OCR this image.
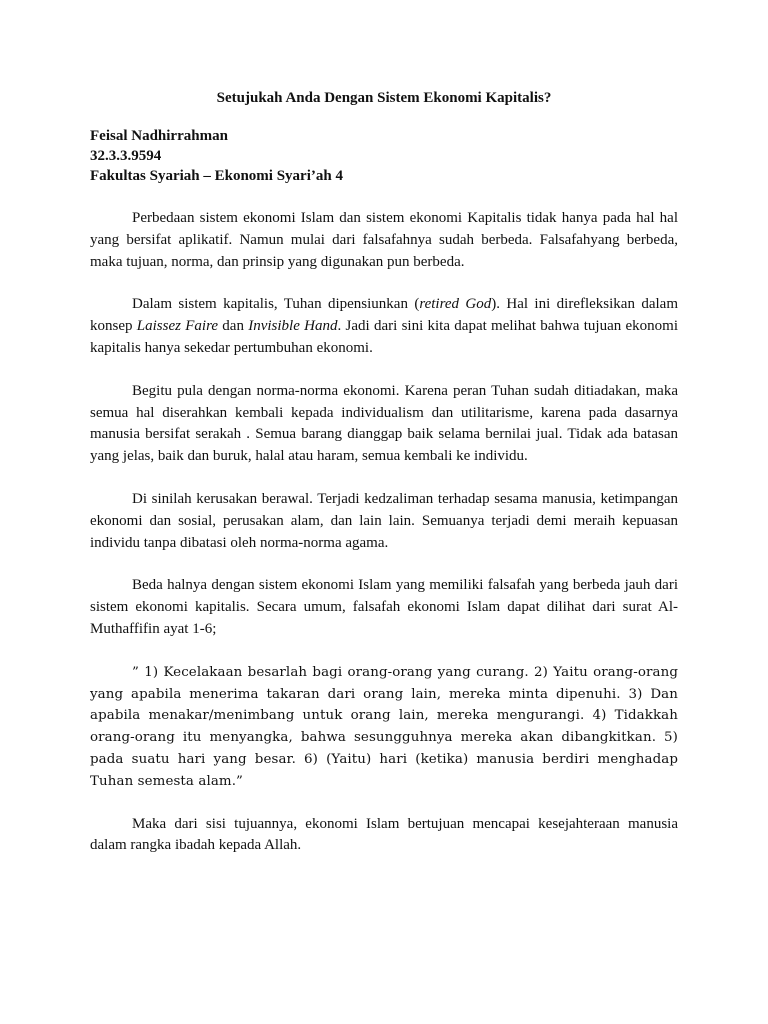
Setujukah Anda Dengan Sistem Ekonomi Kapitalis?
Feisal Nadhirrahman
32.3.3.9594
Fakultas Syariah – Ekonomi Syari’ah 4

Perbedaan sistem ekonomi Islam dan sistem ekonomi Kapitalis tidak hanya pada hal hal yang bersifat aplikatif. Namun mulai dari falsafahnya sudah berbeda. Falsafahyang berbeda, maka tujuan, norma, dan prinsip yang digunakan pun berbeda.

Dalam sistem kapitalis, Tuhan dipensiunkan (retired God). Hal ini direfleksikan dalam konsep Laissez Faire dan Invisible Hand. Jadi dari sini kita dapat melihat bahwa tujuan ekonomi kapitalis hanya sekedar pertumbuhan ekonomi.

Begitu pula dengan norma-norma ekonomi. Karena peran Tuhan sudah ditiadakan, maka semua hal diserahkan kembali kepada individualism dan utilitarisme, karena pada dasarnya manusia bersifat serakah . Semua barang dianggap baik selama bernilai jual. Tidak ada batasan yang jelas, baik dan buruk, halal atau haram, semua kembali ke individu.

Di sinilah kerusakan berawal. Terjadi kedzaliman terhadap sesama manusia, ketimpangan ekonomi dan sosial, perusakan alam, dan lain lain. Semuanya terjadi demi meraih kepuasan individu tanpa dibatasi oleh norma-norma agama.

Beda halnya dengan sistem ekonomi Islam yang memiliki falsafah yang berbeda jauh dari sistem ekonomi kapitalis. Secara umum, falsafah ekonomi Islam dapat dilihat dari surat Al-Muthaffifin ayat 1-6;

” 1) Kecelakaan besarlah bagi orang-orang yang curang. 2) Yaitu orang-orang yang apabila menerima takaran dari orang lain, mereka minta dipenuhi. 3) Dan apabila menakar/menimbang untuk orang lain, mereka mengurangi. 4) Tidakkah orang-orang itu menyangka, bahwa sesungguhnya mereka akan dibangkitkan. 5) pada suatu hari yang besar. 6) (Yaitu) hari (ketika) manusia berdiri menghadap Tuhan semesta alam.”

Maka dari sisi tujuannya, ekonomi Islam bertujuan mencapai kesejahteraan manusia dalam rangka ibadah kepada Allah.
